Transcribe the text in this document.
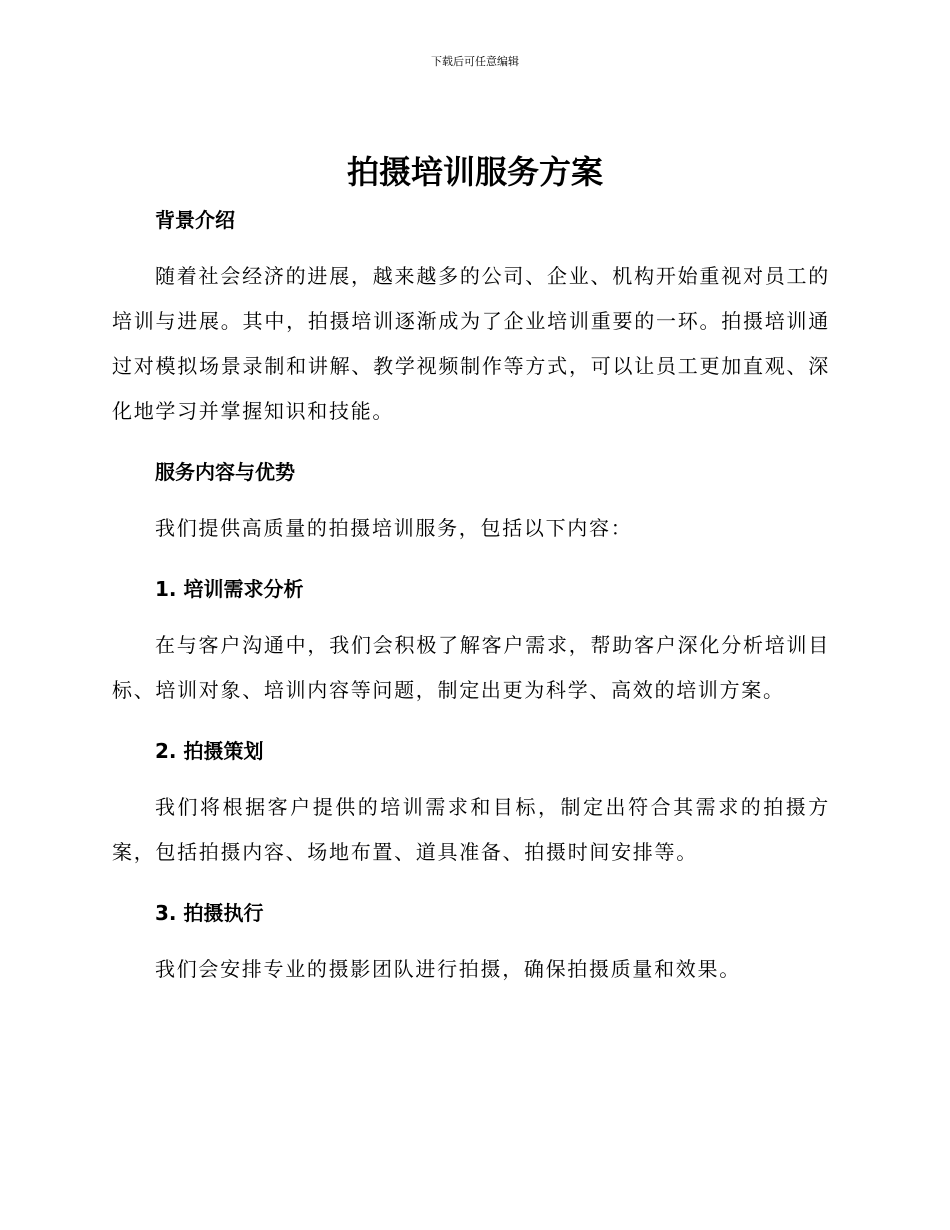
下载后可任意编辑
拍摄培训服务方案
背景介绍

随着社会经济的进展，越来越多的公司、企业、机构开始重视对员工的培训与进展。其中，拍摄培训逐渐成为了企业培训重要的一环。拍摄培训通过对模拟场景录制和讲解、教学视频制作等方式，可以让员工更加直观、深化地学习并掌握知识和技能。

服务内容与优势

我们提供高质量的拍摄培训服务，包括以下内容：

1. 培训需求分析

在与客户沟通中，我们会积极了解客户需求，帮助客户深化分析培训目标、培训对象、培训内容等问题，制定出更为科学、高效的培训方案。

2. 拍摄策划

我们将根据客户提供的培训需求和目标，制定出符合其需求的拍摄方案，包括拍摄内容、场地布置、道具准备、拍摄时间安排等。

3. 拍摄执行

我们会安排专业的摄影团队进行拍摄，确保拍摄质量和效果。
